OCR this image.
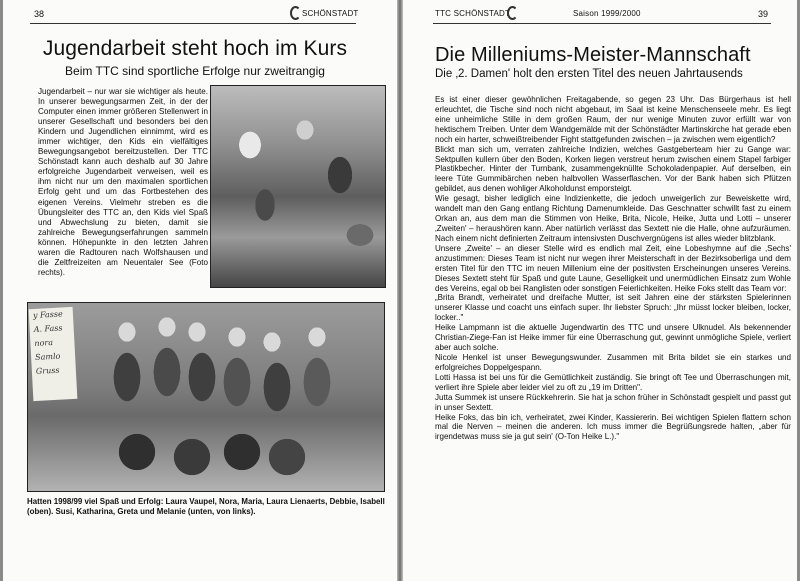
38	SCHÖNSTADT
Jugendarbeit steht hoch im Kurs
Beim TTC sind sportliche Erfolge nur zweitrangig

Jugendarbeit – nur war sie wichtiger als heute. In unserer bewegungsarmen Zeit, in der der Computer einen immer größeren Stellenwert in unserer Gesellschaft und besonders bei den Kindern und Jugendlichen einnimmt, wird es immer wichtiger, den Kids ein vielfältiges Bewegungsangebot bereitzustellen. Der TTC Schönstadt kann auch deshalb auf 30 Jahre erfolgreiche Jugendarbeit verweisen, weil es ihm nicht nur um den maximalen sportlichen Erfolg geht und um das Fortbestehen des eigenen Vereins. Vielmehr streben es die Übungsleiter des TTC an, den Kids viel Spaß und Abwechslung zu bieten, damit sie zahlreiche Bewegungserfahrungen sammeln können. Höhepunkte in den letzten Jahren waren die Radtouren nach Wolfshausen und die Zeltfreizeiten am Neuentaler See (Foto rechts).

y Fasse
A. Fass
nora
Samlo
Gruss

Hatten 1998/99 viel Spaß und Erfolg: Laura Vaupel, Nora, Maria, Laura Lienaerts, Debbie, Isabell (oben). Susi, Katharina, Greta und Melanie (unten, von links).

TTC SCHÖNSTADT	Saison 1999/2000	39
Die Milleniums-Meister-Mannschaft
Die ‚2. Damen' holt den ersten Titel des neuen Jahrtausends

Es ist einer dieser gewöhnlichen Freitagabende, so gegen 23 Uhr. Das Bürgerhaus ist hell erleuchtet, die Tische sind noch nicht abgebaut, im Saal ist keine Menschenseele mehr. Es liegt eine unheimliche Stille in dem großen Raum, der nur wenige Minuten zuvor erfüllt war von hektischem Treiben. Unter dem Wandgemälde mit der Schönstädter Martinskirche hat gerade eben noch ein harter, schweißtreibender Fight stattgefunden zwischen – ja zwischen wem eigentlich?

Blickt man sich um, verraten zahlreiche Indizien, welches Gastgeberteam hier zu Gange war: Sektpullen kullern über den Boden, Korken liegen verstreut herum zwischen einem Stapel farbiger Plastikbecher. Hinter der Turnbank, zusammengeknüllte Schokoladenpapier. Auf derselben, ein leere Tüte Gummibärchen neben halbvollen Wasserflaschen. Vor der Bank haben sich Pfützen gebildet, aus denen wohliger Alkoholdunst emporsteigt.

Wie gesagt, bisher lediglich eine Indizienkette, die jedoch unweigerlich zur Beweiskette wird, wandelt man den Gang entlang Richtung Damenumkleide. Das Geschnatter schwillt fast zu einem Orkan an, aus dem man die Stimmen von Heike, Brita, Nicole, Heike, Jutta und Lotti – unserer ‚Zweiten' – heraushören kann. Aber natürlich verlässt das Sextett nie die Halle, ohne aufzuräumen. Nach einem nicht definierten Zeitraum intensivsten Duschvergnügens ist alles wieder blitzblank.

Unsere ‚Zweite' – an dieser Stelle wird es endlich mal Zeit, eine Lobeshymne auf die ‚Sechs' anzustimmen: Dieses Team ist nicht nur wegen ihrer Meisterschaft in der Bezirksoberliga und dem ersten Titel für den TTC im neuen Millenium eine der positivsten Erscheinungen unseres Vereins. Dieses Sextett steht für Spaß und gute Laune, Geselligkeit und unermüdlichen Einsatz zum Wohle des Vereins, egal ob bei Ranglisten oder sonstigen Feierlichkeiten. Heike Foks stellt das Team vor:

„Brita Brandt, verheiratet und dreifache Mutter, ist seit Jahren eine der stärksten Spielerinnen unserer Klasse und coacht uns einfach super. Ihr liebster Spruch: „Ihr müsst locker bleiben, locker, locker.."

Heike Lampmann ist die aktuelle Jugendwartin des TTC und unsere Ulknudel. Als bekennender Christian-Ziege-Fan ist Heike immer für eine Überraschung gut, gewinnt unmögliche Spiele, verliert aber auch solche.

Nicole Henkel ist unser Bewegungswunder. Zusammen mit Brita bildet sie ein starkes und erfolgreiches Doppelgespann.

Lotti Hassa ist bei uns für die Gemütlichkeit zuständig. Sie bringt oft Tee und Überraschungen mit, verliert ihre Spiele aber leider viel zu oft zu „19 im Dritten".

Jutta Summek ist unsere Rückkehrerin. Sie hat ja schon früher in Schönstadt gespielt und passt gut in unser Sextett.

Heike Foks, das bin ich, verheiratet, zwei Kinder, Kassiererin. Bei wichtigen Spielen flattern schon mal die Nerven – meinen die anderen. Ich muss immer die Begrüßungsrede halten, „aber für irgendetwas muss sie ja gut sein' (O-Ton Heike L.)."
